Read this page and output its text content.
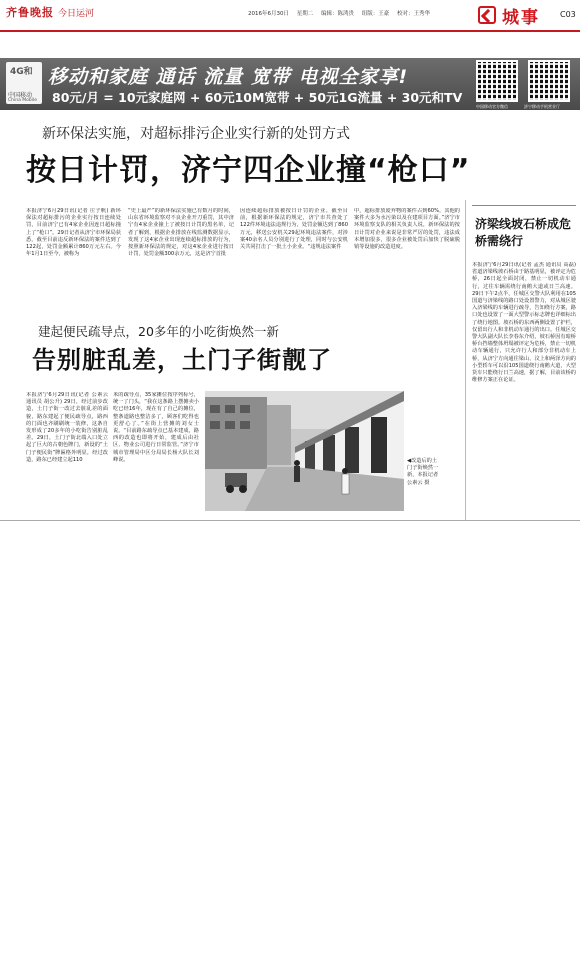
齐鲁晚报 今日运河	2016年6月30日 星期二 编辑：陈鸿贵 组版：王豪 校对：王秀华	城事	C03
4G和
中国移动
China Mobile
移动和家庭 通话 流量 宽带 电视全家享!
80元/月 = 10元家庭网 + 60元10M宽带 + 50元1G流量 + 30元和TV
中国移动官方微信	济宁移动手机营业厅
新环保法实施，对超标排污企业实行新的处罚方式
按日计罚，济宁四企业撞“枪口”
本报济宁6月29日讯(记者 庄子帆) 新环保法对超标排污的企业实行按日连续处罚，目前济宁已有4家企业因连日超标撞上了“枪口”。29日记者从济宁市环保局获悉，截至目前违反新环保法的案件达到了122起，处罚金额累计860万元左右。今年1月1日至今，被称为
“史上最严”的新环保法实施已有数月的时间，山东省环境监察对不良企业开刀重罚，其中济宁有4家企业撞上了被按日计罚的黑名单，记者了解到，根据企业排放在线监测数据显示，发现了这4家企业出现连续超标排放的行为，按照新环保法的规定，对这4家企业进行按日计罚，处罚金额300余万元，这是济宁首批
因连续超标排放被按日计罚的企业。截至目前，根据新环保法的规定，济宁市共查处了122件环境违法违规行为，处罚金额达到了860万元，移送公安机关29起环境违法案件，对涉案40余名人员分别进行了处理，同时与公安机关共同打击了一批土小企业。“违规违法案件
中，超标排放废弃物的案件占到60%，其他的案件大多为水污染以及在建项目方面。”济宁市环境监察支队的相关负责人说，新环保法的按日计罚对企业来说是非常严厉的处罚，违法成本增加很多，很多企业被处罚后加快了脱硫脱销等设施的改造进度。
济梁线坡石桥成危桥需绕行
本报济宁6月29日讯(记者 孟杰 通讯员 高磊) 省道济梁线坡石桥由于路基明显，被评定为危桥，26日起全面封闭，禁止一切机动车通行，过往车辆需绕行南鹅大道或日兰高速。29日下午2点半，任城区交警大队利用在105国道与济梁线的路口处设置警力，对从城区驶入济梁线的车辆进行疏导，告知绕行方案，路口处也设置了一面大型警示标志牌也详细标出了绕行地图。坡石桥的东西两侧设置了护栏，仅留出行人和非机动车通行的出口。任城区交警大队副大队长李春东介绍，坡石桥因有暗桥桥台挡墙整体坍塌被评定为危桥，禁止一切机动车辆通行，只允许行人和部分非机动车上桥，从济宁方向通往梁山、汶上和两泽方向的小型轿车可以沿105国道绕行南鹅大道，大型货车只能绕行日兰高速，据了解，目前该桥的维修方案正在论证。
建起便民疏导点，20多年的小吃街焕然一新
告别脏乱差，土门子街靓了
本报济宁6月29日讯(记者 公素云 通讯员 胡公升) 29日，经过前步改造，土门子街一改过去脏乱差的面貌，路东建起了便民疏导点，路西的门面也齐刷刷统一装修，这条自发形成了20多年的小吃街告别脏乱差。29日，土门子街北端入口处立起了巨大的古朝色牌门，新设的“土门子便民街”牌匾格外明显，经过改造，路东已经建立起110
米的疏导点，35家摊位按序列标号，统一了门头，“我在这条路上摆摊卖小吃已经16年，现在有了自己的摊位，整条道路也整洁多了，顾客们吃得也更舒心了。”在街上营摊的刘女士说。“目前路东疏导点已基本建成，路西的改造也即将开始，建成后由社区、物业公司进行日常监管。”济宁市城市管理局中区分局局长杨大队长刘峰说。	◀改造后的土门子街焕然一新，本报记者 公素云 摄
